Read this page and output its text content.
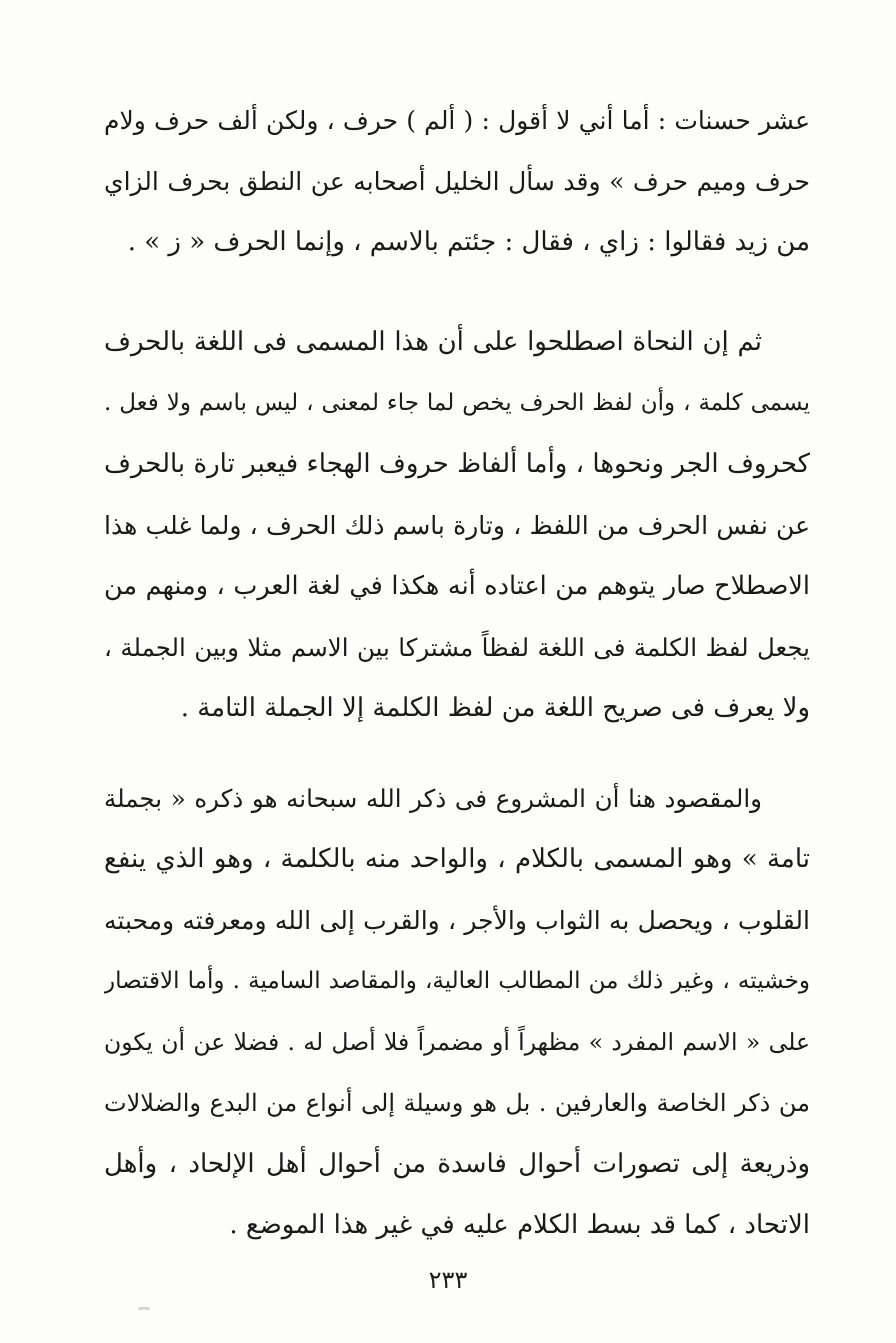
عشر حسنات : أما أني لا أقول : ( ألم ) حرف ، ولكن ألف حرف ولام
حرف وميم حرف » وقد سأل الخليل أصحابه عن النطق بحرف الزاي
من زيد فقالوا : زاي ، فقال : جئتم بالاسم ، وإنما الحرف « ز » .
ثم إن النحاة اصطلحوا على أن هذا المسمى فى اللغة بالحرف
يسمى كلمة ، وأن لفظ الحرف يخص لما جاء لمعنى ، ليس باسم ولا فعل .
كحروف الجر ونحوها ، وأما ألفاظ حروف الهجاء فيعبر تارة بالحرف
عن نفس الحرف من اللفظ ، وتارة باسم ذلك الحرف ، ولما غلب هذا
الاصطلاح صار يتوهم من اعتاده أنه هكذا في لغة العرب ، ومنهم من
يجعل لفظ الكلمة فى اللغة لفظاً مشتركا بين الاسم مثلا وبين الجملة ،
ولا يعرف فى صريح اللغة من لفظ الكلمة إلا الجملة التامة .
والمقصود هنا أن المشروع فى ذكر الله سبحانه هو ذكره « بجملة
تامة » وهو المسمى بالكلام ، والواحد منه بالكلمة ، وهو الذي ينفع
القلوب ، ويحصل به الثواب والأجر ، والقرب إلى الله ومعرفته ومحبته
وخشيته ، وغير ذلك من المطالب العالية، والمقاصد السامية . وأما الاقتصار
على « الاسم المفرد » مظهراً أو مضمراً فلا أصل له . فضلا عن أن يكون
من ذكر الخاصة والعارفين . بل هو وسيلة إلى أنواع من البدع والضلالات
وذريعة إلى تصورات أحوال فاسدة من أحوال أهل الإلحاد ، وأهل
الاتحاد ، كما قد بسط الكلام عليه في غير هذا الموضع .
٢٣٣
